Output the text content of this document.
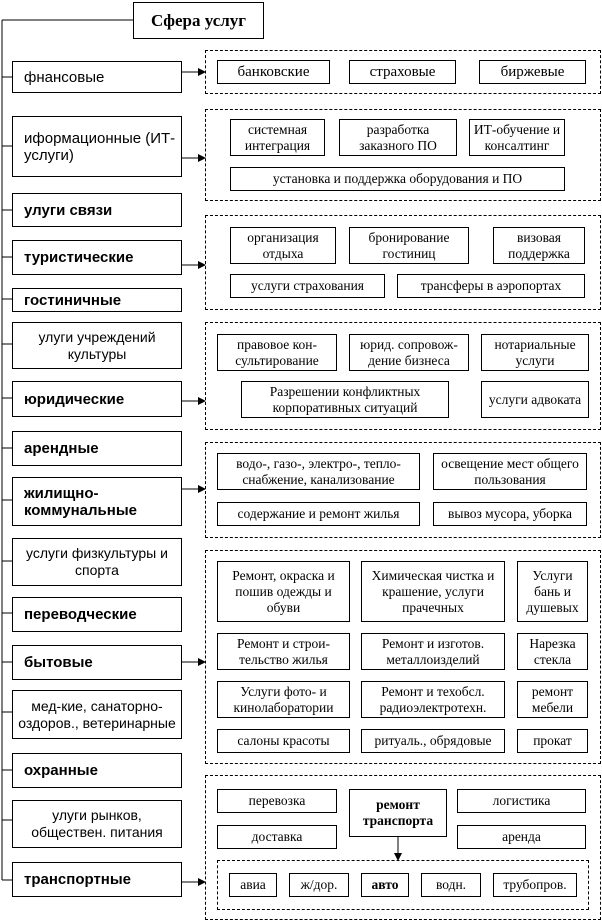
Сфера услуг
фнансовые
иформационные (ИТ-услуги)
улуги связи
туристические
гостиничные
улуги учреждений культуры
юридические
арендные
жилищно- коммунальные
услуги физкультуры и спорта
переводческие
бытовые
мед-кие, санаторно- оздоров., ветеринарные
охранные
улуги рынков, обществен. питания
транспортные
банковские	страховые	биржевые
системная интеграция
разработка заказного ПО
ИТ-обучение и консалтинг
установка и поддержка оборудования и ПО
организация отдыха
бронирование гостиниц
визовая поддержка
услуги страхования	трансферы в аэропортах
правовое кон- сультирование
юрид. сопровож- дение бизнеса
нотариальные услуги
Разрешении конфликтных корпоративных ситуаций
услуги адвоката
водо-, газо-, электро-, тепло- снабжение, канализование
освещение мест общего пользования
содержание и ремонт жилья	вывоз мусора, уборка
Ремонт, окраска и пошив одежды и обуви
Химическая чистка и крашение, услуги прачечных
Услуги бань и душевых
Ремонт и строи- тельство жилья
Ремонт и изготов. металлоизделий
Нарезка стекла
Услуги фото- и кинолаборатории
Ремонт и техобсл. радиоэлектротехн.
ремонт мебели
салоны красоты	ритуаль., обрядовые	прокат
перевозка	ремонт транспорта
логистика
доставка	аренда
авиа	ж/дор.	авто	водн.	трубопров.
